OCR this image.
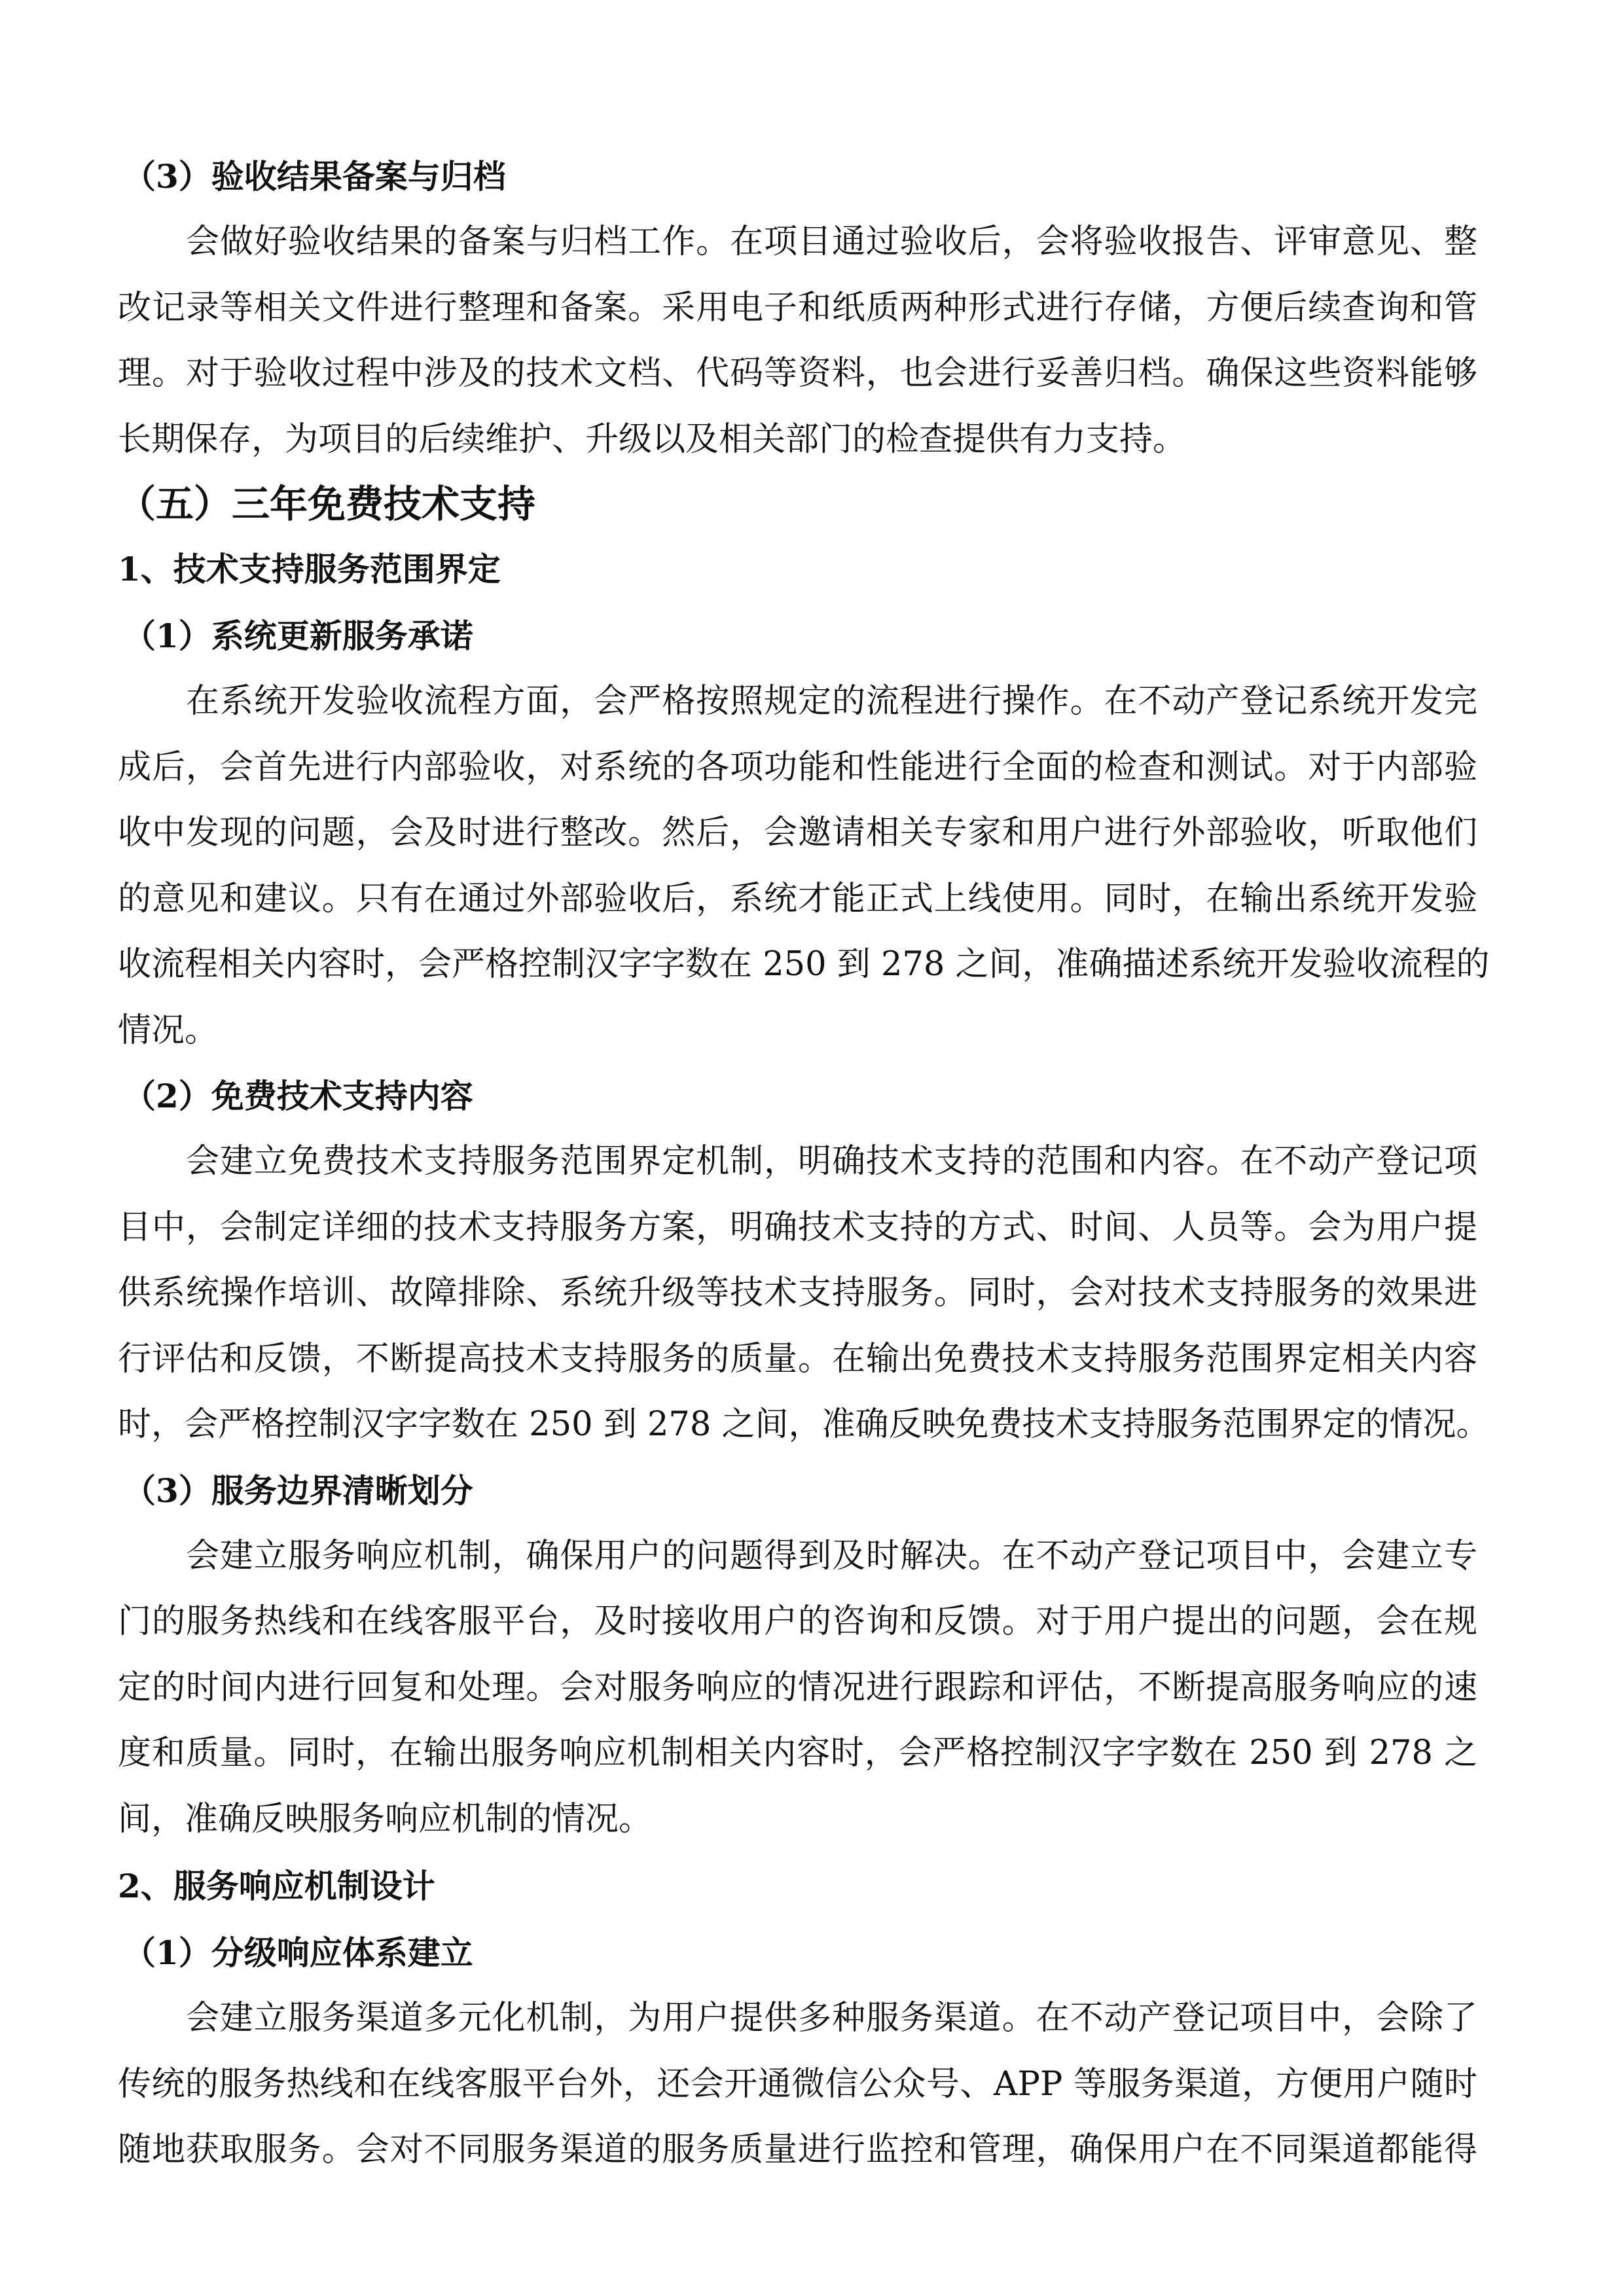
（3）验收结果备案与归档
会做好验收结果的备案与归档工作。在项目通过验收后，会将验收报告、评审意见、整
改记录等相关文件进行整理和备案。采用电子和纸质两种形式进行存储，方便后续查询和管
理。对于验收过程中涉及的技术文档、代码等资料，也会进行妥善归档。确保这些资料能够
长期保存，为项目的后续维护、升级以及相关部门的检查提供有力支持。
（五）三年免费技术支持
1、技术支持服务范围界定
（1）系统更新服务承诺
在系统开发验收流程方面，会严格按照规定的流程进行操作。在不动产登记系统开发完
成后，会首先进行内部验收，对系统的各项功能和性能进行全面的检查和测试。对于内部验
收中发现的问题，会及时进行整改。然后，会邀请相关专家和用户进行外部验收，听取他们
的意见和建议。只有在通过外部验收后，系统才能正式上线使用。同时，在输出系统开发验
收流程相关内容时，会严格控制汉字字数在 250 到 278 之间，准确描述系统开发验收流程的
情况。
（2）免费技术支持内容
会建立免费技术支持服务范围界定机制，明确技术支持的范围和内容。在不动产登记项
目中，会制定详细的技术支持服务方案，明确技术支持的方式、时间、人员等。会为用户提
供系统操作培训、故障排除、系统升级等技术支持服务。同时，会对技术支持服务的效果进
行评估和反馈，不断提高技术支持服务的质量。在输出免费技术支持服务范围界定相关内容
时，会严格控制汉字字数在 250 到 278 之间，准确反映免费技术支持服务范围界定的情况。
（3）服务边界清晰划分
会建立服务响应机制，确保用户的问题得到及时解决。在不动产登记项目中，会建立专
门的服务热线和在线客服平台，及时接收用户的咨询和反馈。对于用户提出的问题，会在规
定的时间内进行回复和处理。会对服务响应的情况进行跟踪和评估，不断提高服务响应的速
度和质量。同时，在输出服务响应机制相关内容时，会严格控制汉字字数在 250 到 278 之
间，准确反映服务响应机制的情况。
2、服务响应机制设计
（1）分级响应体系建立
会建立服务渠道多元化机制，为用户提供多种服务渠道。在不动产登记项目中，会除了
传统的服务热线和在线客服平台外，还会开通微信公众号、APP 等服务渠道，方便用户随时
随地获取服务。会对不同服务渠道的服务质量进行监控和管理，确保用户在不同渠道都能得
